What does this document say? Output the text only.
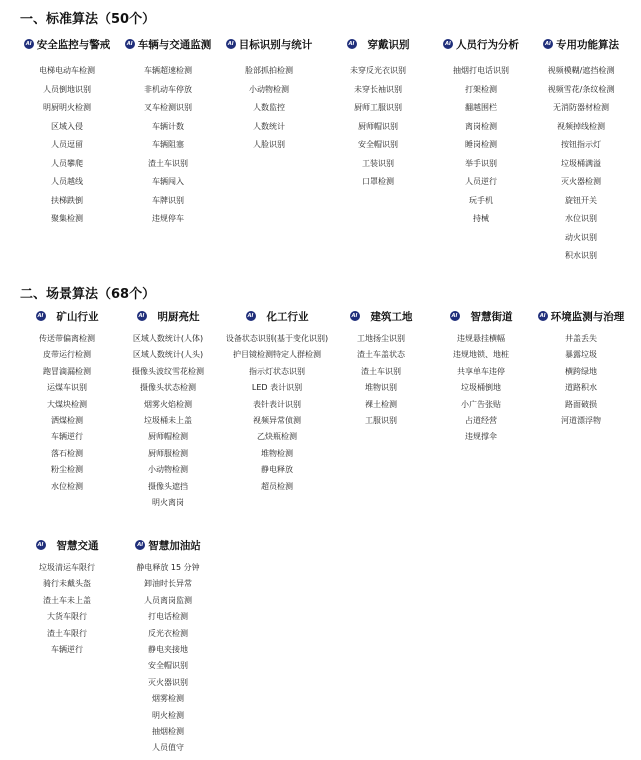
一、标准算法（50个）
AI 安全监控与警戒
电梯电动车检测
人员倒地识别
明厨明火检测
区域入侵
人员逗留
人员攀爬
人员越线
扶梯跌倒
聚集检测
AI 车辆与交通监测
车辆超速检测
非机动车停放
叉车检测识别
车辆计数
车辆阻塞
渣土车识别
车辆闯入
车牌识别
违规停车
AI 目标识别与统计
脸部抓拍检测
小动物检测
人数监控
人数统计
人脸识别
AI 穿戴识别
未穿反光衣识别
未穿长袖识别
厨师工服识别
厨师帽识别
安全帽识别
工装识别
口罩检测
AI 人员行为分析
抽烟打电话识别
打架检测
翻越围栏
离岗检测
睡岗检测
举手识别
人员逆行
玩手机
持械
AI 专用功能算法
视频模糊/遮挡检测
视频雪花/条纹检测
无消防器材检测
视频掉线检测
按钮指示灯
垃圾桶满溢
灭火器检测
旋钮开关
水位识别
动火识别
积水识别
二、场景算法（68个）
AI 矿山行业
传送带偏离检测
皮带运行检测
跑冒滴漏检测
运煤车识别
大煤块检测
洒煤检测
车辆逆行
落石检测
粉尘检测
水位检测
AI 明厨亮灶
区域人数统计(人体)
区域人数统计(人头)
摄像头波纹雪花检测
摄像头状态检测
烟雾火焰检测
垃圾桶未上盖
厨师帽检测
厨师服检测
小动物检测
摄像头遮挡
明火离岗
AI 化工行业
设备状态识别(基于变化识别)
护目镜检测特定人群检测
指示灯状态识别
LED 表计识别
表针表计识别
视频异常侦测
乙炔瓶检测
堆物检测
静电释放
超员检测
AI 建筑工地
工地扬尘识别
渣土车盖状态
渣土车识别
堆物识别
裸土检测
工服识别
AI 智慧街道
违规悬挂横幅
违规地锁、地桩
共享单车违停
垃圾桶倒地
小广告张贴
占道经营
违规撑伞
AI 环境监测与治理
井盖丢失
暴露垃圾
横跨绿地
道路积水
路面破损
河道漂浮物
AI 智慧交通
垃圾清运车限行
骑行未戴头盔
渣土车未上盖
大货车限行
渣土车限行
车辆逆行
AI 智慧加油站
静电释放 15 分钟
卸油时长异常
人员离岗监测
打电话检测
反光衣检测
静电夹接地
安全帽识别
灭火器识别
烟雾检测
明火检测
抽烟检测
人员值守
